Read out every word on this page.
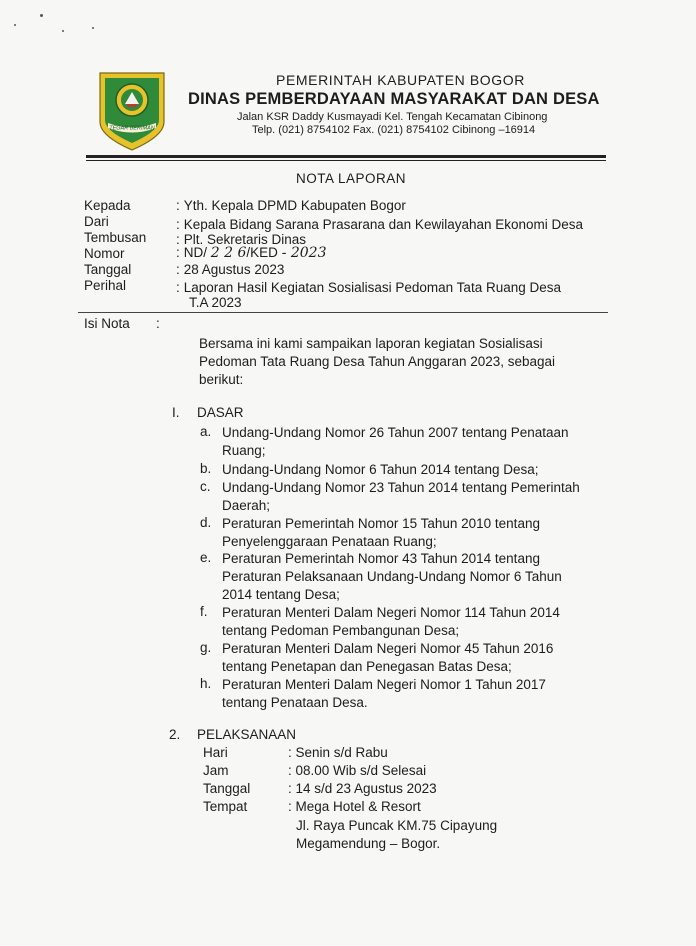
TEGAR BERIMAN
PEMERINTAH KABUPATEN BOGOR
DINAS PEMBERDAYAAN MASYARAKAT DAN DESA
Jalan KSR Daddy Kusmayadi Kel. Tengah Kecamatan Cibinong
Telp. (021) 8754102 Fax. (021) 8754102 Cibinong –16914
NOTA LAPORAN
Kepada	: Yth. Kepala DPMD Kabupaten Bogor
Dari	: Kepala Bidang Sarana Prasarana dan Kewilayahan Ekonomi Desa
Tembusan : Plt. Sekretaris Dinas
Nomor	: ND/ 2 2 6/KED - 2023
Tanggal	: 28 Agustus 2023
Perihal	: Laporan Hasil Kegiatan Sosialisasi Pedoman Tata Ruang Desa
T.A 2023
Isi Nota :
Bersama ini kami sampaikan laporan kegiatan Sosialisasi
Pedoman Tata Ruang Desa Tahun Anggaran 2023, sebagai
berikut:
I. DASAR
a. Undang-Undang Nomor 26 Tahun 2007 tentang Penataan
Ruang;
b. Undang-Undang Nomor 6 Tahun 2014 tentang Desa;
c. Undang-Undang Nomor 23 Tahun 2014 tentang Pemerintah
Daerah;
d. Peraturan Pemerintah Nomor 15 Tahun 2010 tentang
Penyelenggaraan Penataan Ruang;
e. Peraturan Pemerintah Nomor 43 Tahun 2014 tentang
Peraturan Pelaksanaan Undang-Undang Nomor 6 Tahun
2014 tentang Desa;
f. Peraturan Menteri Dalam Negeri Nomor 114 Tahun 2014
tentang Pedoman Pembangunan Desa;
g. Peraturan Menteri Dalam Negeri Nomor 45 Tahun 2016
tentang Penetapan dan Penegasan Batas Desa;
h. Peraturan Menteri Dalam Negeri Nomor 1 Tahun 2017
tentang Penataan Desa.
2. PELAKSANAAN
Hari	: Senin s/d Rabu
Jam	: 08.00 Wib s/d Selesai
Tanggal	: 14 s/d 23 Agustus 2023
Tempat	: Mega Hotel & Resort
Jl. Raya Puncak KM.75 Cipayung
Megamendung – Bogor.
